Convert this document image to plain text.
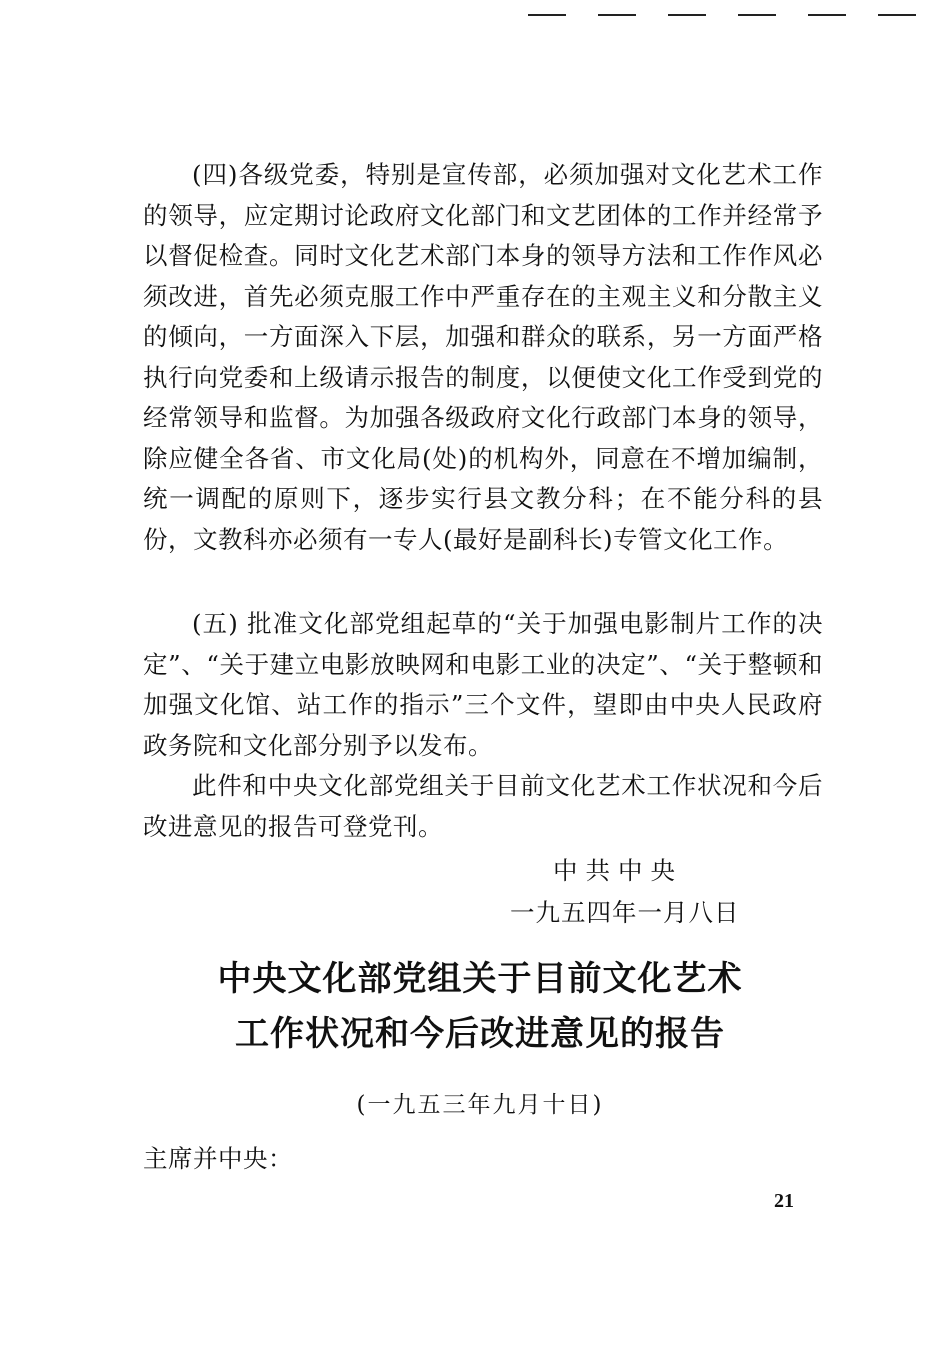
(四)各级党委，特别是宣传部，必须加强对文化艺术工作的领导，应定期讨论政府文化部门和文艺团体的工作并经常予以督促检查。同时文化艺术部门本身的领导方法和工作作风必须改进，首先必须克服工作中严重存在的主观主义和分散主义的倾向，一方面深入下层，加强和群众的联系，另一方面严格执行向党委和上级请示报告的制度，以便使文化工作受到党的经常领导和监督。为加强各级政府文化行政部门本身的领导，除应健全各省、市文化局(处)的机构外，同意在不增加编制，统一调配的原则下，逐步实行县文教分科；在不能分科的县份，文教科亦必须有一专人(最好是副科长)专管文化工作。

(五) 批准文化部党组起草的“关于加强电影制片工作的决定”、“关于建立电影放映网和电影工业的决定”、“关于整顿和加强文化馆、站工作的指示”三个文件，望即由中央人民政府政务院和文化部分别予以发布。

此件和中央文化部党组关于目前文化艺术工作状况和今后改进意见的报告可登党刊。

中共中央
一九五四年一月八日
中央文化部党组关于目前文化艺术
工作状况和今后改进意见的报告
(一九五三年九月十日)
主席并中央：
21
